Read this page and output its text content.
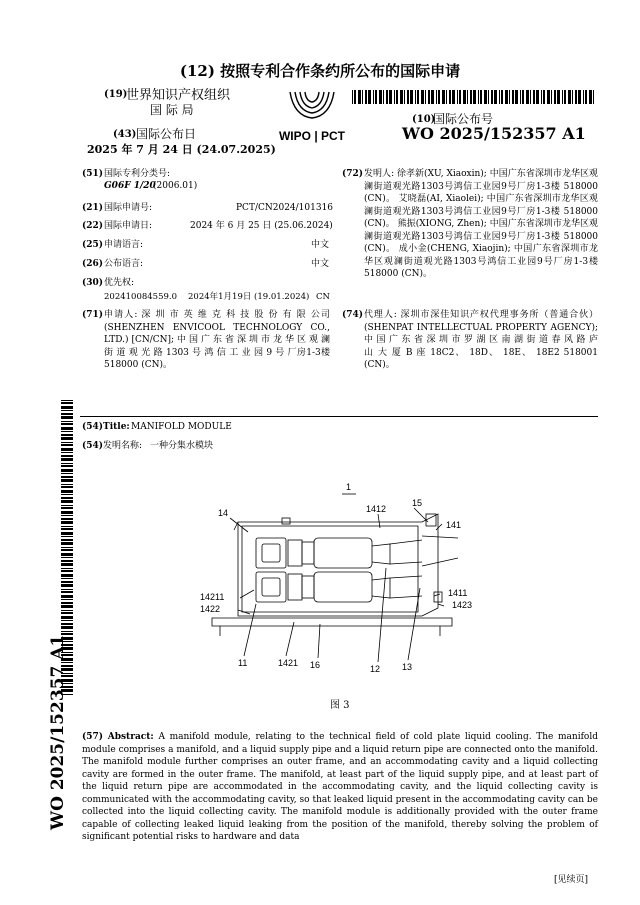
(12) 按照专利合作条约所公布的国际申请
(19)
世界知识产权组织
国 际 局
(43) 国际公布日
2025 年 7 月 24 日 (24.07.2025)
WIPO | PCT
(10)
国际公布号
WO 2025/152357 A1
(51) 国际专利分类号:
G06F 1/20
(2006.01)
(21) 国际申请号:	PCT/CN2024/101316
(22) 国际申请日:	2024 年 6 月 25 日 (25.06.2024)
(25) 申请语言:	中文
(26) 公布语言:	中文
(30) 优先权:
202410084559.0 2024年1月19日 (19.01.2024) CN
(71) 申请人: 深 圳 市 英 维 克 科 技 股 份 有 限 公司(SHENZHEN ENVICOOL TECHNOLOGY CO., LTD.) [CN/CN]; 中 国 广 东 省 深 圳 市 龙 华 区 观 澜 街 道 观 光 路 1303 号 鸿 信 工 业 园 9 号 厂房1-3楼 518000 (CN)。
(72) 发明人: 徐孝新(XU, Xiaoxin); 中国广东省深圳市龙华区观澜街道观光路1303号鸿信工业园9号厂房1-3楼 518000 (CN)。 艾晓磊(AI, Xiaolei); 中国广东省深圳市龙华区观澜街道观光路1303号鸿信工业园9号厂房1-3楼 518000 (CN)。 熊振(XIONG, Zhen); 中国广东省深圳市龙华区观澜街道观光路1303号鸿信工业园9号厂房1-3楼 518000 (CN)。 成小金(CHENG, Xiaojin); 中国广东省深圳市龙华区观澜街道观光路1303号鸿信工业园9号厂房1-3楼 518000 (CN)。
(74) 代理人: 深圳市深佳知识产权代理事务所（普通合伙）(SHENPAT INTELLECTUAL PROPERTY AGENCY); 中 国 广 东 省 深 圳 市 罗 湖 区 南 湖 街 道 春 风 路 庐 山 大 厦 B 座 18C2、 18D、 18E、 18E2 518001 (CN)。
(54) Title: MANIFOLD MODULE
(54) 发明名称: 一种分集水模块
1
14	1412
15
141
14211
1422
1411
1423
11	1421 16	12 13
图 3
(57) Abstract: A manifold module, relating to the technical field of cold plate liquid cooling. The manifold module comprises a manifold, and a liquid supply pipe and a liquid return pipe are connected onto the manifold. The manifold module further comprises an outer frame, and an accommodating cavity and a liquid collecting cavity are formed in the outer frame. The manifold, at least part of the liquid supply pipe, and at least part of the liquid return pipe are accommodated in the accommodating cavity, and the liquid collecting cavity is communicated with the accommodating cavity, so that leaked liquid present in the accommodating cavity can be collected into the liquid collecting cavity. The manifold module is additionally provided with the outer frame capable of collecting leaked liquid leaking from the position of the manifold, thereby solving the problem of significant potential risks to hardware and data
[见续页]
WO 2025/152357 A1
